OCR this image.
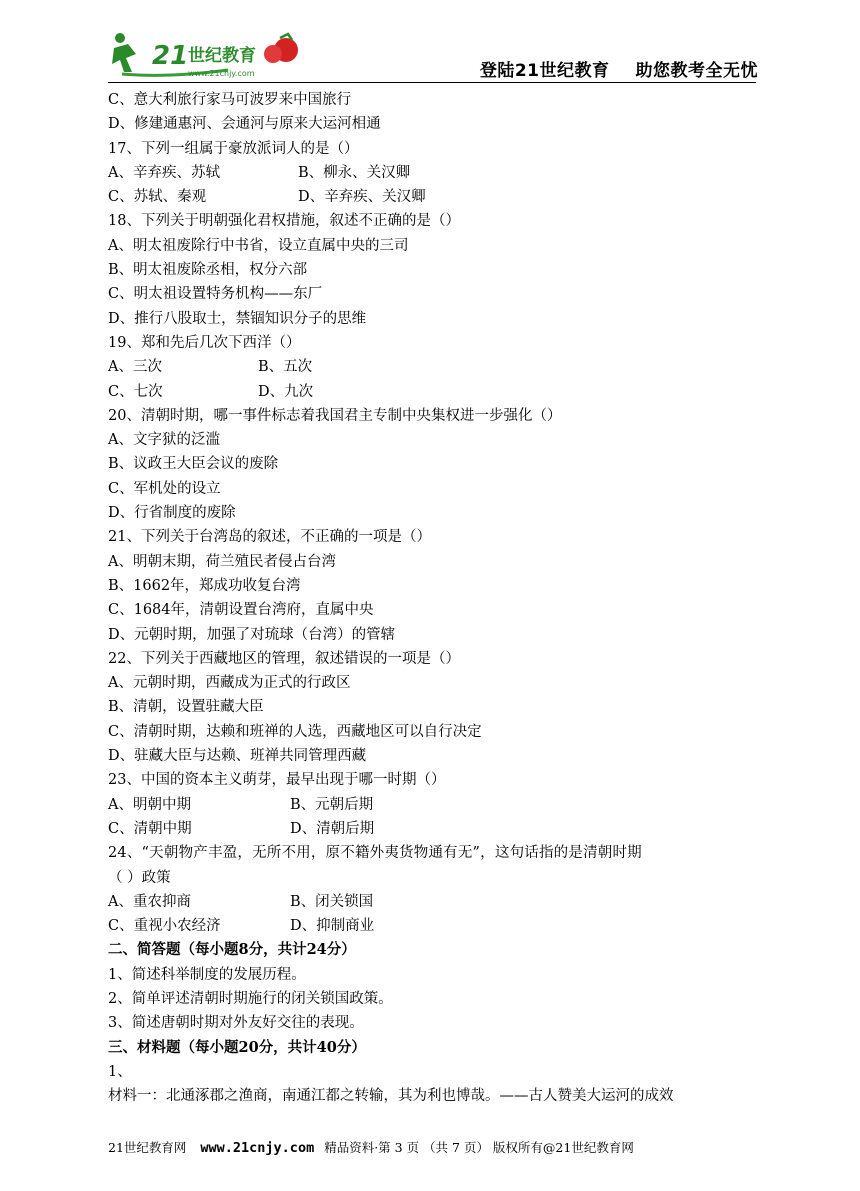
21 世纪教育
www.21cnjy.com	登陆21世纪教育 助您教考全无忧
C、意大利旅行家马可波罗来中国旅行
D、修建通惠河、会通河与原来大运河相通
17、下列一组属于豪放派词人的是（）
A、辛弃疾、苏轼	B、柳永、关汉卿
C、苏轼、秦观	D、辛弃疾、关汉卿
18、下列关于明朝强化君权措施，叙述不正确的是（）
A、明太祖废除行中书省，设立直属中央的三司
B、明太祖废除丞相，权分六部
C、明太祖设置特务机构——东厂
D、推行八股取士，禁锢知识分子的思维
19、郑和先后几次下西洋（）
A、三次	B、五次
C、七次	D、九次
20、清朝时期，哪一事件标志着我国君主专制中央集权进一步强化（）
A、文字狱的泛滥
B、议政王大臣会议的废除
C、军机处的设立
D、行省制度的废除
21、下列关于台湾岛的叙述，不正确的一项是（）
A、明朝末期，荷兰殖民者侵占台湾
B、1662年，郑成功收复台湾
C、1684年，清朝设置台湾府，直属中央
D、元朝时期，加强了对琉球（台湾）的管辖
22、下列关于西藏地区的管理，叙述错误的一项是（）
A、元朝时期，西藏成为正式的行政区
B、清朝，设置驻藏大臣
C、清朝时期，达赖和班禅的人选，西藏地区可以自行决定
D、驻藏大臣与达赖、班禅共同管理西藏
23、中国的资本主义萌芽，最早出现于哪一时期（）
A、明朝中期	B、元朝后期
C、清朝中期	D、清朝后期
24、“天朝物产丰盈，无所不用，原不籍外夷货物通有无”，这句话指的是清朝时期
（ ）政策
A、重农抑商	B、闭关锁国
C、重视小农经济	D、抑制商业
二、简答题（每小题8分，共计24分）
1、简述科举制度的发展历程。
2、简单评述清朝时期施行的闭关锁国政策。
3、简述唐朝时期对外友好交往的表现。
三、材料题（每小题20分，共计40分）
1、
材料一：北通涿郡之渔商，南通江都之转输，其为利也博哉。——古人赞美大运河的成效
21世纪教育网 www.21cnjy.com 精品资料·第 3 页 （共 7 页） 版权所有@21世纪教育网
